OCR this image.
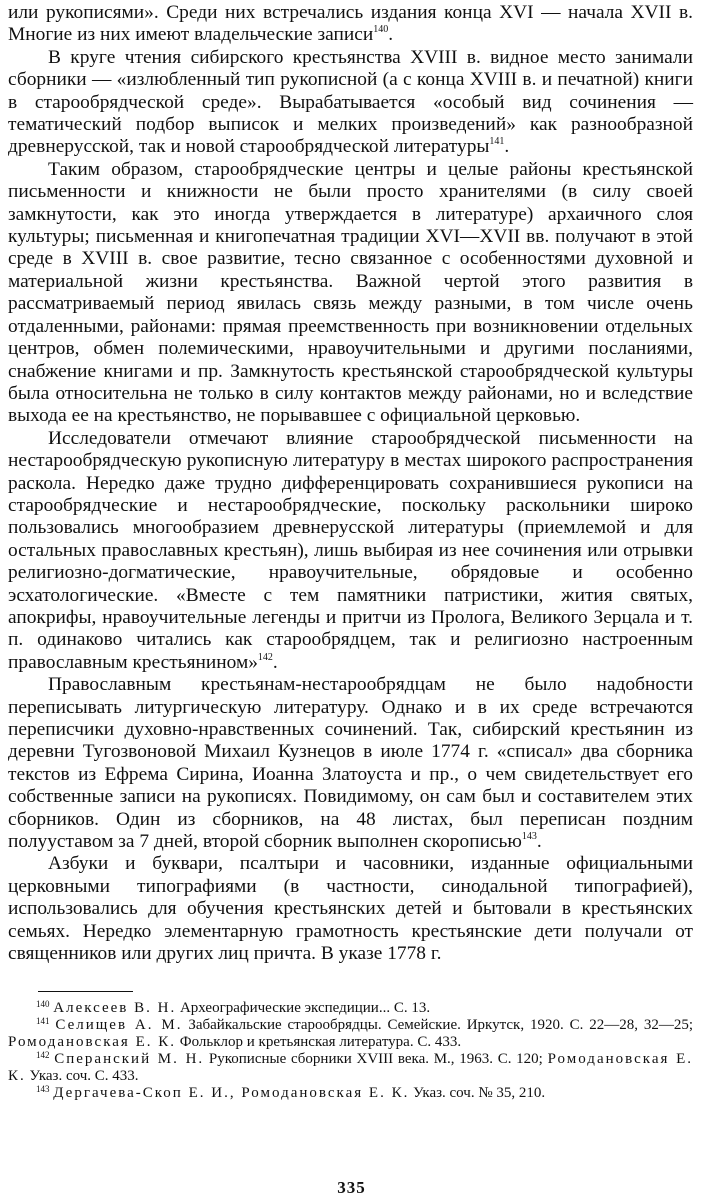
или рукописями». Среди них встречались издания конца XVI — начала XVII в. Многие из них имеют владельческие записи$^{140}$.

В кругe чтения сибирского крестьянства XVIII в. видное место занимали сборники — «излюбленный тип рукописной (а с конца XVIII в. и печатной) книги в старообрядческой среде». Вырабатывается «особый вид сочинения — тематический подбор выписок и мелких произведений» как разнообразной древнерусской, так и новой старообрядческой литературы$^{141}$.

Таким образом, старообрядческие центры и целые районы крестьянской письменности и книжности не были просто хранителями (в силу своей замкнутости, как это иногда утверждается в литературе) архаичного слоя культуры; письменная и книгопечатная традиции XVI—XVII вв. получают в этой среде в XVIII в. свое развитие, тесно связанное с особенностями духовной и материальной жизни крестьянства. Важной чертой этого развития в рассматриваемый период явилась связь между разными, в том числе очень отдаленными, районами: прямая преемственность при возникновении отдельных центров, обмен полемическими, нравоучительными и другими посланиями, снабжение книгами и пр. Замкнутость крестьянской старообрядческой культуры была относительна не только в силу контактов между районами, но и вследствие выхода ее на крестьянство, не порывавшее с официальной церковью.

Исследователи отмечают влияние старообрядческой письменности на нестарообрядческую рукописную литературу в местах широкого распространения раскола. Нередко даже трудно дифференцировать сохранившиеся рукописи на старообрядческие и нестарообрядческие, поскольку раскольники широко пользовались многообразием древнерусской литературы (приемлемой и для остальных православных крестьян), лишь выбирая из нее сочинения или отрывки религиозно-догматические, нравоучительные, обрядовые и особенно эсхатологические. «Вместе с тем памятники патристики, жития святых, апокрифы, нравоучительные легенды и притчи из Пролога, Великого Зерцала и т. п. одинаково читались как старообрядцем, так и религиозно настроенным православным крестьянином»$^{142}$.

Православным крестьянам-нестарообрядцам не было надобности переписывать литургическую литературу. Однако и в их среде встречаются переписчики духовно-нравственных сочинений. Так, сибирский крестьянин из деревни Тугозвоновой Михаил Кузнецов в июле 1774 г. «списал» два сборника текстов из Ефрема Сирина, Иоанна Златоуста и пр., о чем свидетельствует его собственные записи на рукописях. Повидимому, он сам был и составителем этих сборников. Один из сборников, на 48 листах, был переписан поздним полууставом за 7 дней, второй сборник выполнен скорописью$^{143}$.

Азбуки и буквари, псалтыри и часовники, изданные официальными церковными типографиями (в частности, синодальной типографией), использовались для обучения крестьянских детей и бытовали в крестьянских семьях. Нередко элементарную грамотность крестьянские дети получали от священников или других лиц причта. В указе 1778 г.

$^{140}$ Алексеев В. Н. Археографические экспедиции... С. 13.

$^{141}$ Селищев А. М. Забайкальские старообрядцы. Семейские. Иркутск, 1920. С. 22—28, 32—25; Ромодановская Е. К. Фольклор и кретьянская литература. С. 433.

$^{142}$ Сперанский М. Н. Рукописные сборники XVIII века. М., 1963. С. 120; Ромодановская Е. К. Указ. соч. С. 433.

$^{143}$ Дергачева-Скоп Е. И., Ромодановская Е. К. Указ. соч. № 35, 210.

335
